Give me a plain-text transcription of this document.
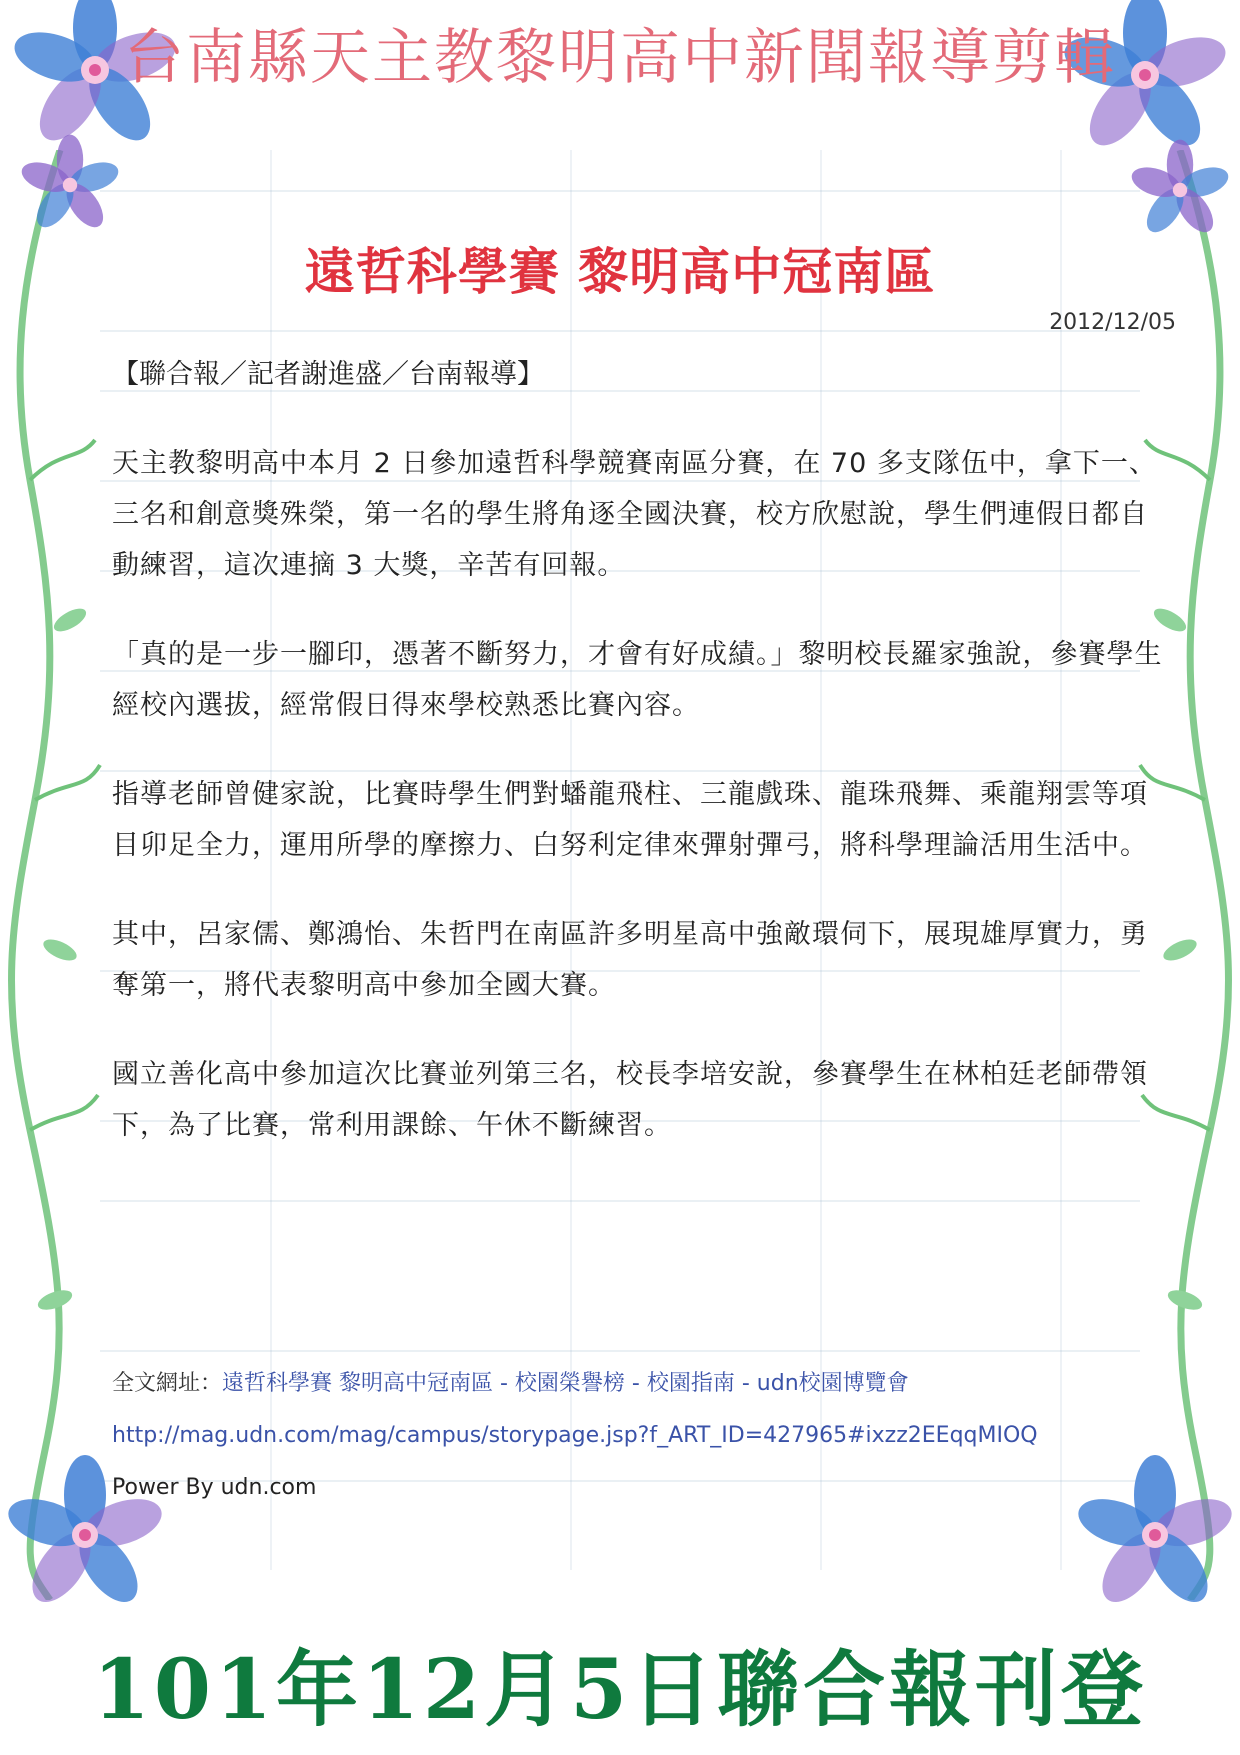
台南縣天主教黎明高中新聞報導剪輯
遠哲科學賽 黎明高中冠南區
2012/12/05
【聯合報／記者謝進盛／台南報導】

天主教黎明高中本月 2 日參加遠哲科學競賽南區分賽，在 70 多支隊伍中，拿下一、三名和創意獎殊榮，第一名的學生將角逐全國決賽，校方欣慰說，學生們連假日都自動練習，這次連摘 3 大獎，辛苦有回報。

「真的是一步一腳印，憑著不斷努力，才會有好成績。」黎明校長羅家強說，參賽學生經校內選拔，經常假日得來學校熟悉比賽內容。

指導老師曾健家說，比賽時學生們對蟠龍飛柱、三龍戲珠、龍珠飛舞、乘龍翔雲等項目卯足全力，運用所學的摩擦力、白努利定律來彈射彈弓，將科學理論活用生活中。

其中，呂家儒、鄭鴻怡、朱哲門在南區許多明星高中強敵環伺下，展現雄厚實力，勇奪第一，將代表黎明高中參加全國大賽。

國立善化高中參加這次比賽並列第三名，校長李培安說，參賽學生在林柏廷老師帶領下，為了比賽，常利用課餘、午休不斷練習。

全文網址：遠哲科學賽 黎明高中冠南區 - 校園榮譽榜 - 校園指南 - udn校園博覽會
http://mag.udn.com/mag/campus/storypage.jsp?f_ART_ID=427965#ixzz2EEqqMIOQ
Power By udn.com
101年12月5日聯合報刊登
